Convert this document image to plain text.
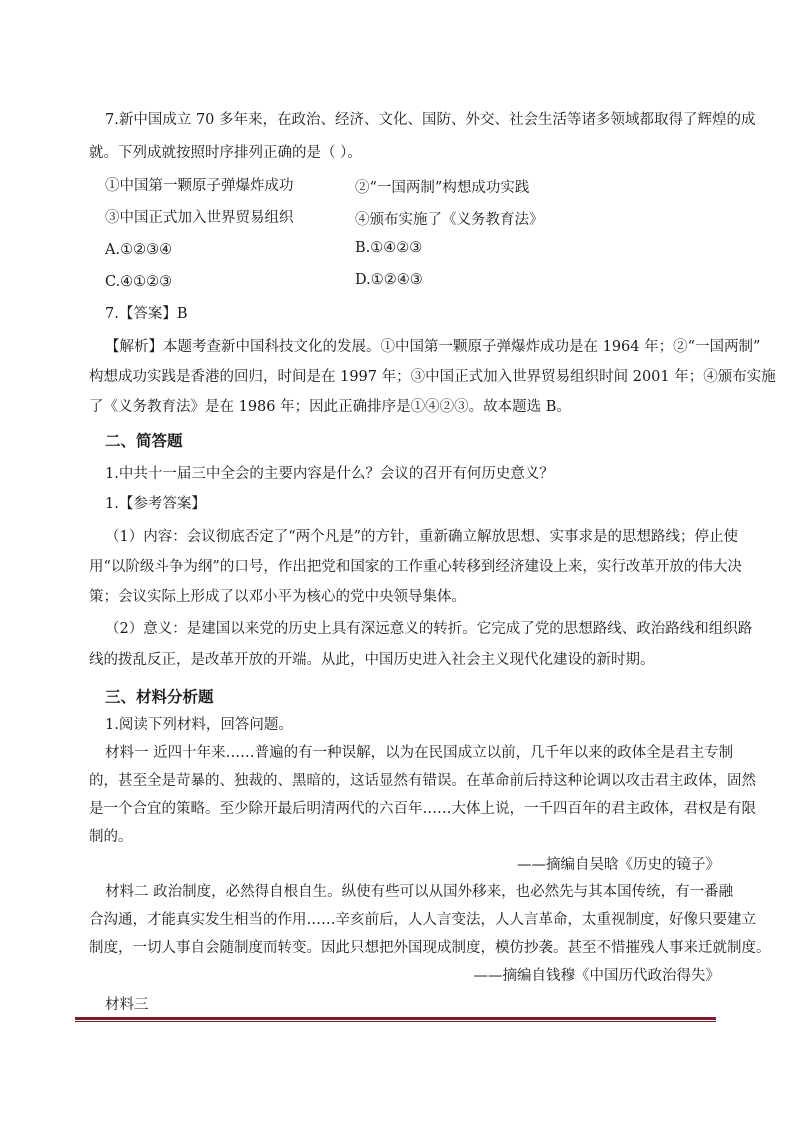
7.新中国成立 70 多年来，在政治、经济、文化、国防、外交、社会生活等诸多领域都取得了辉煌的成
就。下列成就按照时序排列正确的是（ ）。
①中国第一颗原子弹爆炸成功	②“一国两制”构想成功实践
③中国正式加入世界贸易组织	④颁布实施了《义务教育法》
A.①②③④	B.①④②③
C.④①②③	D.①②④③
7.【答案】B
【解析】本题考查新中国科技文化的发展。①中国第一颗原子弹爆炸成功是在 1964 年；②“一国两制”
构想成功实践是香港的回归，时间是在 1997 年；③中国正式加入世界贸易组织时间 2001 年；④颁布实施
了《义务教育法》是在 1986 年；因此正确排序是①④②③。故本题选 B。
二、简答题
1.中共十一届三中全会的主要内容是什么？会议的召开有何历史意义？
1.【参考答案】
（1）内容：会议彻底否定了“两个凡是”的方针，重新确立解放思想、实事求是的思想路线；停止使
用“以阶级斗争为纲”的口号，作出把党和国家的工作重心转移到经济建设上来，实行改革开放的伟大决
策；会议实际上形成了以邓小平为核心的党中央领导集体。
（2）意义：是建国以来党的历史上具有深远意义的转折。它完成了党的思想路线、政治路线和组织路
线的拨乱反正，是改革开放的开端。从此，中国历史进入社会主义现代化建设的新时期。
三、材料分析题
1.阅读下列材料，回答问题。
材料一 近四十年来……普遍的有一种误解，以为在民国成立以前，几千年以来的政体全是君主专制
的，甚至全是苛暴的、独裁的、黑暗的，这话显然有错误。在革命前后持这种论调以攻击君主政体，固然
是一个合宜的策略。至少除开最后明清两代的六百年……大体上说，一千四百年的君主政体，君权是有限
制的。
——摘编自吴晗《历史的镜子》
材料二 政治制度，必然得自根自生。纵使有些可以从国外移来，也必然先与其本国传统，有一番融
合沟通，才能真实发生相当的作用……辛亥前后，人人言变法，人人言革命，太重视制度，好像只要建立
制度，一切人事自会随制度而转变。因此只想把外国现成制度，模仿抄袭。甚至不惜摧残人事来迁就制度。
——摘编自钱穆《中国历代政治得失》
材料三
